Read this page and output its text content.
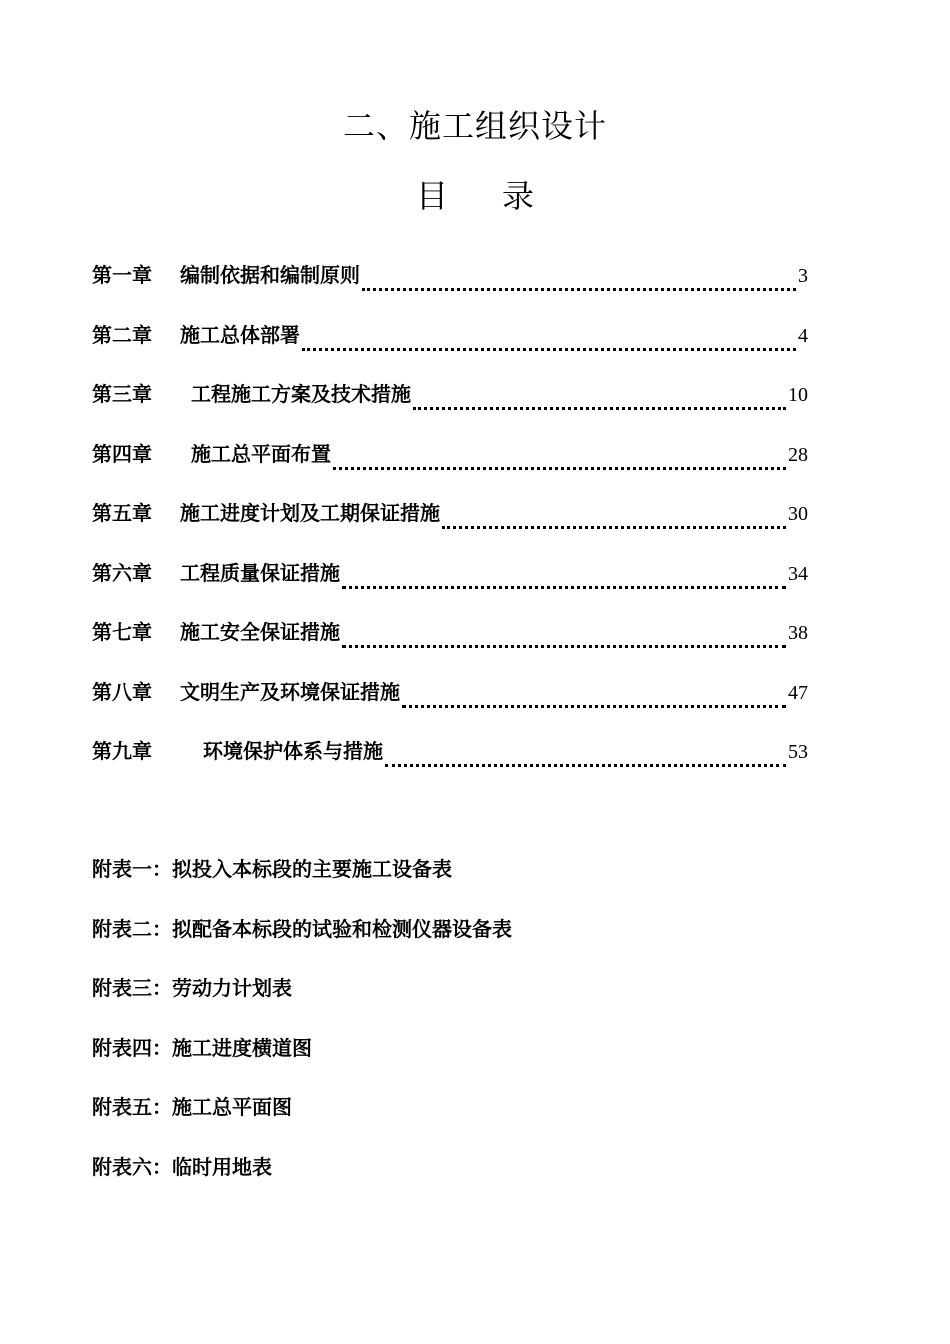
二、施工组织设计
目 录
第一章	编制依据和编制原则	3
第二章	施工总体部署	4
第三章	工程施工方案及技术措施	10
第四章	施工总平面布置	28
第五章	施工进度计划及工期保证措施	30
第六章	工程质量保证措施	34
第七章	施工安全保证措施	38
第八章	文明生产及环境保证措施	47
第九章	环境保护体系与措施	53
附表一：拟投入本标段的主要施工设备表
附表二：拟配备本标段的试验和检测仪器设备表
附表三：劳动力计划表
附表四：施工进度横道图
附表五：施工总平面图
附表六：临时用地表
